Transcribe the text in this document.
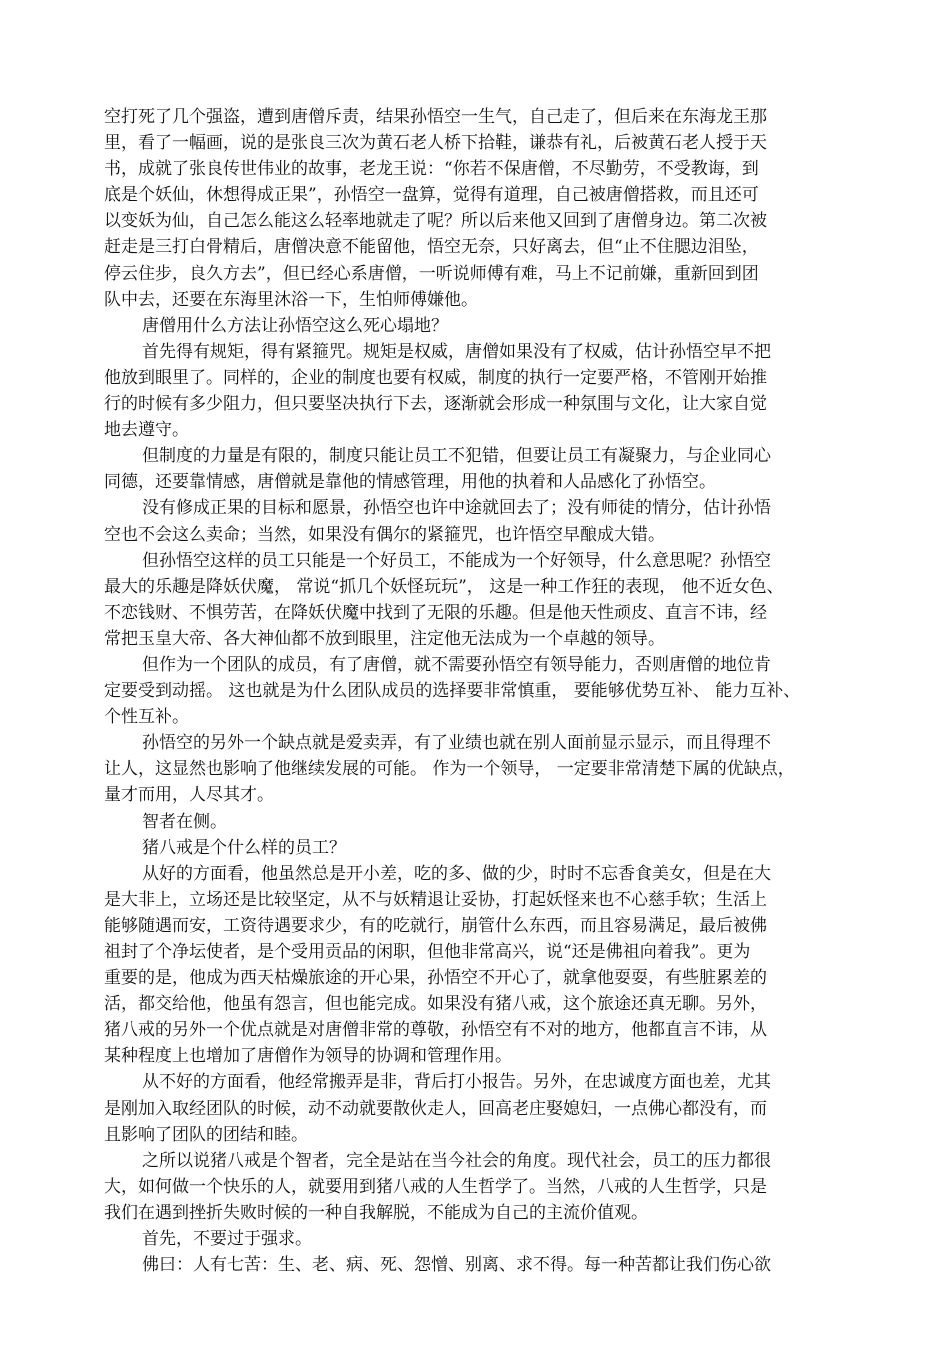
空打死了几个强盗，遭到唐僧斥责，结果孙悟空一生气，自己走了，但后来在东海龙王那
里，看了一幅画，说的是张良三次为黄石老人桥下拾鞋，谦恭有礼，后被黄石老人授于天
书，成就了张良传世伟业的故事，老龙王说：“你若不保唐僧，不尽勤劳，不受教诲，到
底是个妖仙，休想得成正果”，孙悟空一盘算，觉得有道理，自己被唐僧搭救，而且还可
以变妖为仙，自己怎么能这么轻率地就走了呢？所以后来他又回到了唐僧身边。第二次被
赶走是三打白骨精后，唐僧决意不能留他，悟空无奈，只好离去，但“止不住腮边泪坠，
停云住步，良久方去”，但已经心系唐僧，一听说师傅有难，马上不记前嫌，重新回到团
队中去，还要在东海里沐浴一下，生怕师傅嫌他。
唐僧用什么方法让孙悟空这么死心塌地？
首先得有规矩，得有紧箍咒。规矩是权威，唐僧如果没有了权威，估计孙悟空早不把
他放到眼里了。同样的，企业的制度也要有权威，制度的执行一定要严格，不管刚开始推
行的时候有多少阻力，但只要坚决执行下去，逐渐就会形成一种氛围与文化，让大家自觉
地去遵守。
但制度的力量是有限的，制度只能让员工不犯错，但要让员工有凝聚力，与企业同心
同德，还要靠情感，唐僧就是靠他的情感管理，用他的执着和人品感化了孙悟空。
没有修成正果的目标和愿景，孙悟空也许中途就回去了；没有师徒的情分，估计孙悟
空也不会这么卖命；当然，如果没有偶尔的紧箍咒，也许悟空早酿成大错。
但孙悟空这样的员工只能是一个好员工，不能成为一个好领导，什么意思呢？孙悟空
最大的乐趣是降妖伏魔， 常说“抓几个妖怪玩玩”， 这是一种工作狂的表现， 他不近女色、
不恋钱财、不惧劳苦，在降妖伏魔中找到了无限的乐趣。但是他天性顽皮、直言不讳，经
常把玉皇大帝、各大神仙都不放到眼里，注定他无法成为一个卓越的领导。
但作为一个团队的成员，有了唐僧，就不需要孙悟空有领导能力，否则唐僧的地位肯
定要受到动摇。 这也就是为什么团队成员的选择要非常慎重， 要能够优势互补、 能力互补、
个性互补。
孙悟空的另外一个缺点就是爱卖弄，有了业绩也就在别人面前显示显示，而且得理不
让人，这显然也影响了他继续发展的可能。 作为一个领导， 一定要非常清楚下属的优缺点，
量才而用，人尽其才。
智者在侧。
猪八戒是个什么样的员工？
从好的方面看，他虽然总是开小差，吃的多、做的少，时时不忘香食美女，但是在大
是大非上，立场还是比较坚定，从不与妖精退让妥协，打起妖怪来也不心慈手软；生活上
能够随遇而安，工资待遇要求少，有的吃就行，崩管什么东西，而且容易满足，最后被佛
祖封了个净坛使者，是个受用贡品的闲职，但他非常高兴，说“还是佛祖向着我”。更为
重要的是，他成为西天枯燥旅途的开心果，孙悟空不开心了，就拿他耍耍，有些脏累差的
活，都交给他，他虽有怨言，但也能完成。如果没有猪八戒，这个旅途还真无聊。另外，
猪八戒的另外一个优点就是对唐僧非常的尊敬，孙悟空有不对的地方，他都直言不讳，从
某种程度上也增加了唐僧作为领导的协调和管理作用。
从不好的方面看，他经常搬弄是非，背后打小报告。另外，在忠诚度方面也差，尤其
是刚加入取经团队的时候，动不动就要散伙走人，回高老庄娶媳妇，一点佛心都没有，而
且影响了团队的团结和睦。
之所以说猪八戒是个智者，完全是站在当今社会的角度。现代社会，员工的压力都很
大，如何做一个快乐的人，就要用到猪八戒的人生哲学了。当然，八戒的人生哲学，只是
我们在遇到挫折失败时候的一种自我解脱，不能成为自己的主流价值观。
首先，不要过于强求。
佛曰：人有七苦：生、老、病、死、怨憎、别离、求不得。每一种苦都让我们伤心欲
